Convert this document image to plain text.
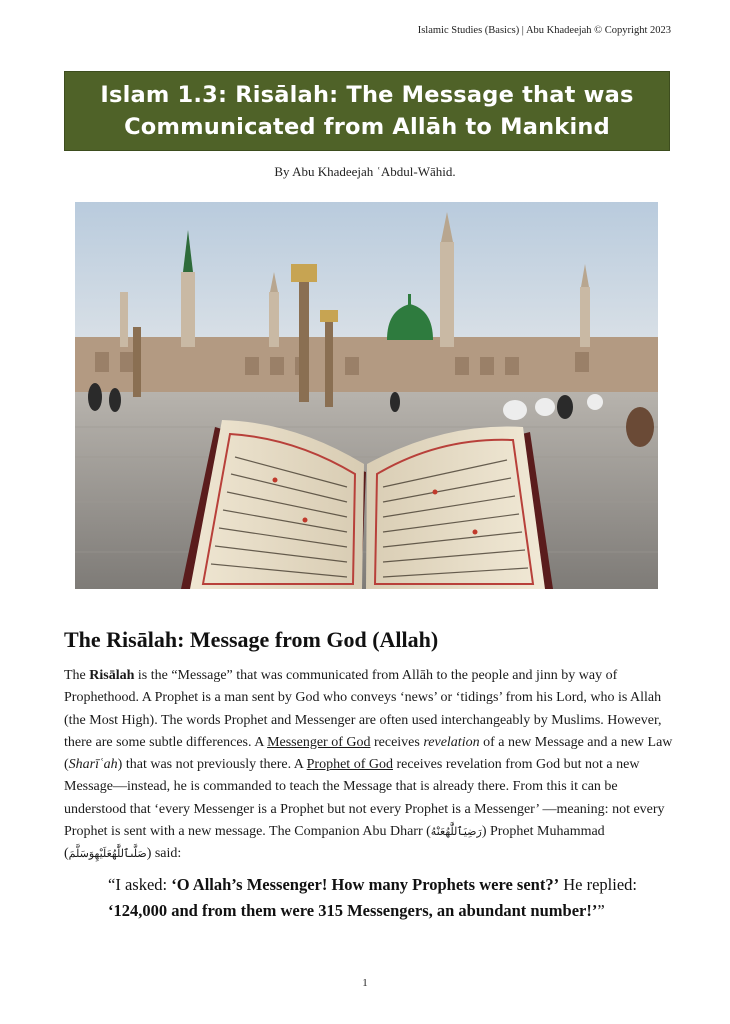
Islamic Studies (Basics) | Abu Khadeejah © Copyright 2023
Islam 1.3: Risālah: The Message that was
Communicated from Allāh to Mankind
By Abu Khadeejah ʿAbdul-Wāhid.
The Risālah: Message from God (Allah)
The Risālah is the “Message” that was communicated from Allāh to the people and jinn by way of Prophethood. A Prophet is a man sent by God who conveys ‘news’ or ‘tidings’ from his Lord, who is Allah (the Most High). The words Prophet and Messenger are often used interchangeably by Muslims. However, there are some subtle differences. A Messenger of God receives revelation of a new Message and a new Law (Sharīʿah) that was not previously there. A Prophet of God receives revelation from God but not a new Message—instead, he is commanded to teach the Message that is already there. From this it can be understood that ‘every Messenger is a Prophet but not every Prophet is a Messenger’ —meaning: not every Prophet is sent with a new message. The Companion Abu Dharr (رَضِيَٱللَّٰهُعَنْهُ) Prophet Muhammad (صَلَّىٱللَّٰهُعَلَيْهِوَسَلَّمَ) said:
“I asked: ‘O Allah’s Messenger! How many Prophets were sent?’ He replied: ‘124,000 and from them were 315 Messengers, an abundant number!’”
1
